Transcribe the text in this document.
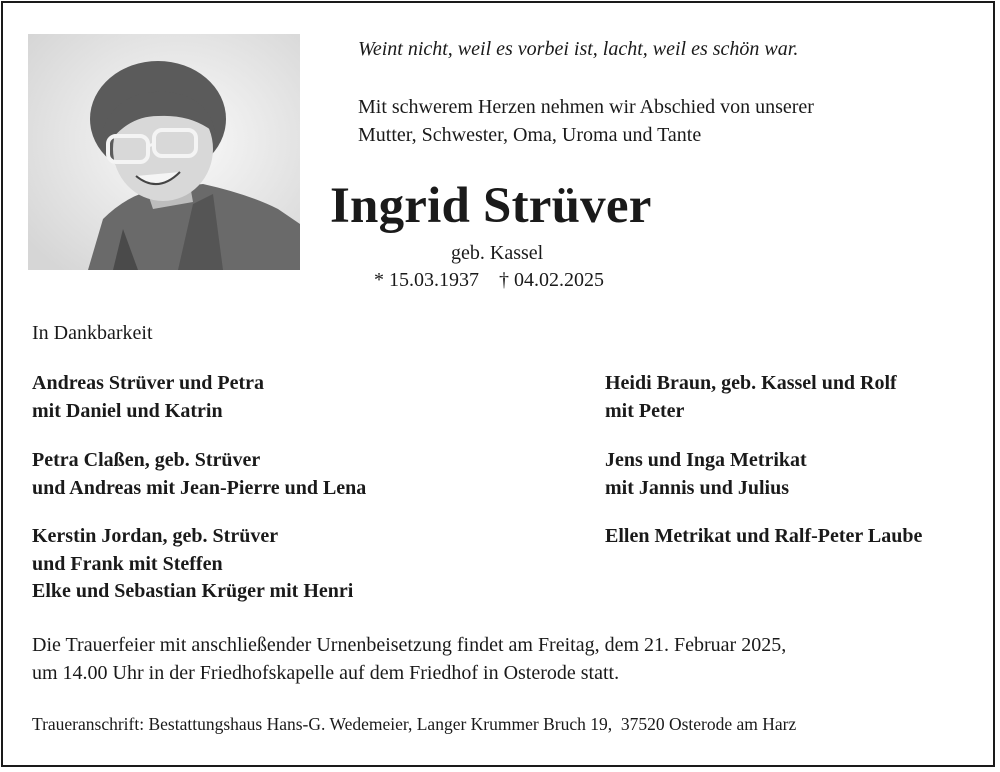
Weint nicht, weil es vorbei ist, lacht, weil es schön war.
Mit schwerem Herzen nehmen wir Abschied von unserer
Mutter, Schwester, Oma, Uroma und Tante
Ingrid Strüver
geb. Kassel
* 15.03.1937    † 04.02.2025
In Dankbarkeit
Andreas Strüver und Petra
mit Daniel und Katrin
Petra Claßen, geb. Strüver
und Andreas mit Jean-Pierre und Lena
Kerstin Jordan, geb. Strüver
und Frank mit Steffen
Elke und Sebastian Krüger mit Henri
Heidi Braun, geb. Kassel und Rolf
mit Peter
Jens und Inga Metrikat
mit Jannis und Julius
Ellen Metrikat und Ralf-Peter Laube
Die Trauerfeier mit anschließender Urnenbeisetzung findet am Freitag, dem 21. Februar 2025,
um 14.00 Uhr in der Friedhofskapelle auf dem Friedhof in Osterode statt.
Traueranschrift: Bestattungshaus Hans-G. Wedemeier, Langer Krummer Bruch 19,  37520 Osterode am Harz
